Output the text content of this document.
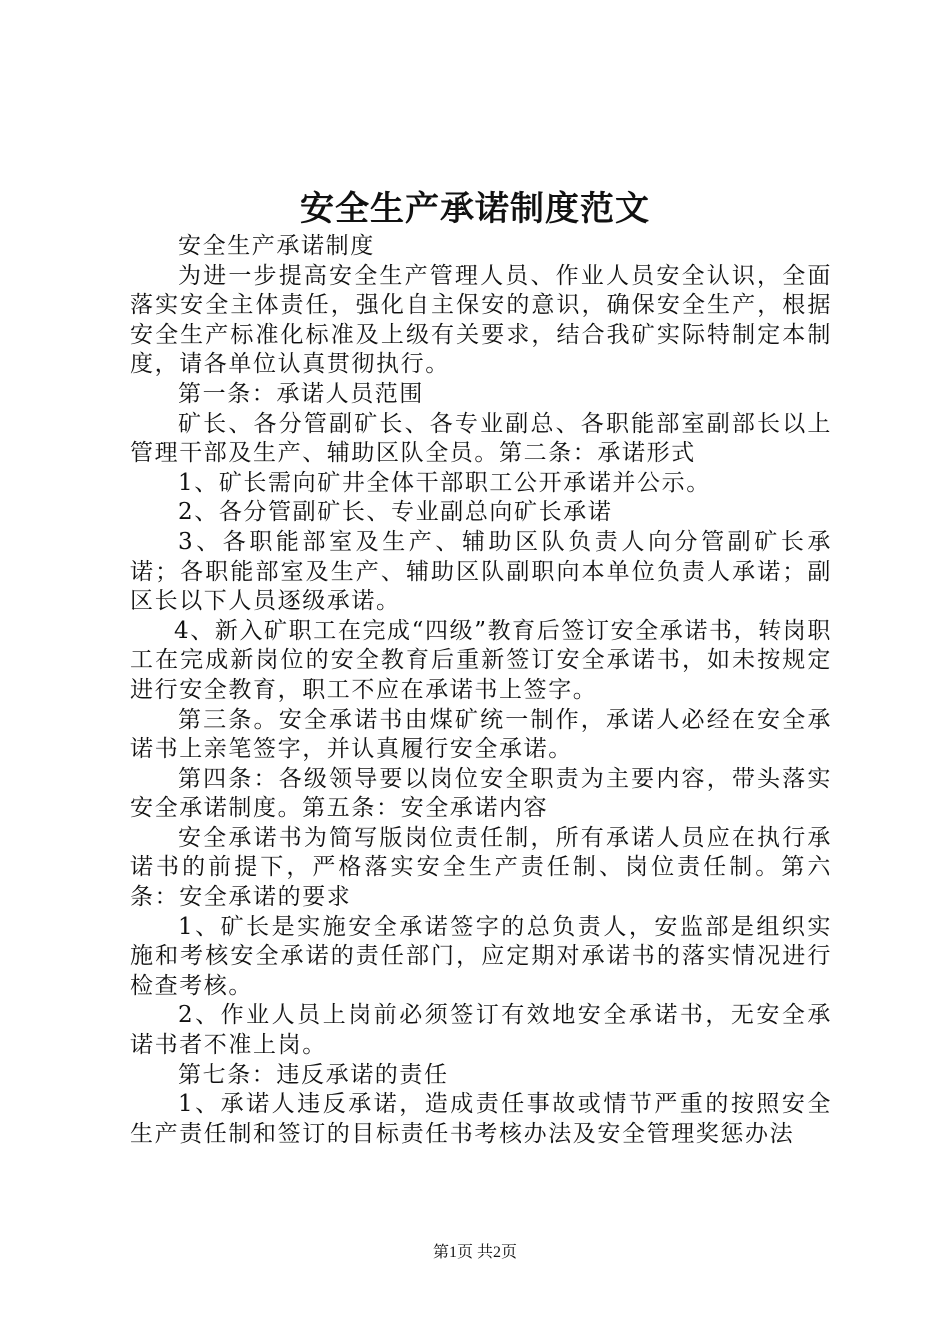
安全生产承诺制度范文

安全生产承诺制度

为进一步提高安全生产管理人员、作业人员安全认识，全面落实安全主体责任，强化自主保安的意识，确保安全生产，根据安全生产标准化标准及上级有关要求，结合我矿实际特制定本制度，请各单位认真贯彻执行。

第一条：承诺人员范围

矿长、各分管副矿长、各专业副总、各职能部室副部长以上管理干部及生产、辅助区队全员。第二条：承诺形式

1、矿长需向矿井全体干部职工公开承诺并公示。

2、各分管副矿长、专业副总向矿长承诺

3、各职能部室及生产、辅助区队负责人向分管副矿长承诺；各职能部室及生产、辅助区队副职向本单位负责人承诺；副区长以下人员逐级承诺。

4、新入矿职工在完成“四级”教育后签订安全承诺书，转岗职工在完成新岗位的安全教育后重新签订安全承诺书，如未按规定进行安全教育，职工不应在承诺书上签字。

第三条。安全承诺书由煤矿统一制作，承诺人必经在安全承诺书上亲笔签字，并认真履行安全承诺。

第四条：各级领导要以岗位安全职责为主要内容，带头落实安全承诺制度。第五条：安全承诺内容

安全承诺书为简写版岗位责任制，所有承诺人员应在执行承诺书的前提下，严格落实安全生产责任制、岗位责任制。第六条：安全承诺的要求

1、矿长是实施安全承诺签字的总负责人，安监部是组织实施和考核安全承诺的责任部门，应定期对承诺书的落实情况进行检查考核。

2、作业人员上岗前必须签订有效地安全承诺书，无安全承诺书者不准上岗。

第七条：违反承诺的责任

1、承诺人违反承诺，造成责任事故或情节严重的按照安全生产责任制和签订的目标责任书考核办法及安全管理奖惩办法

第1页 共2页
